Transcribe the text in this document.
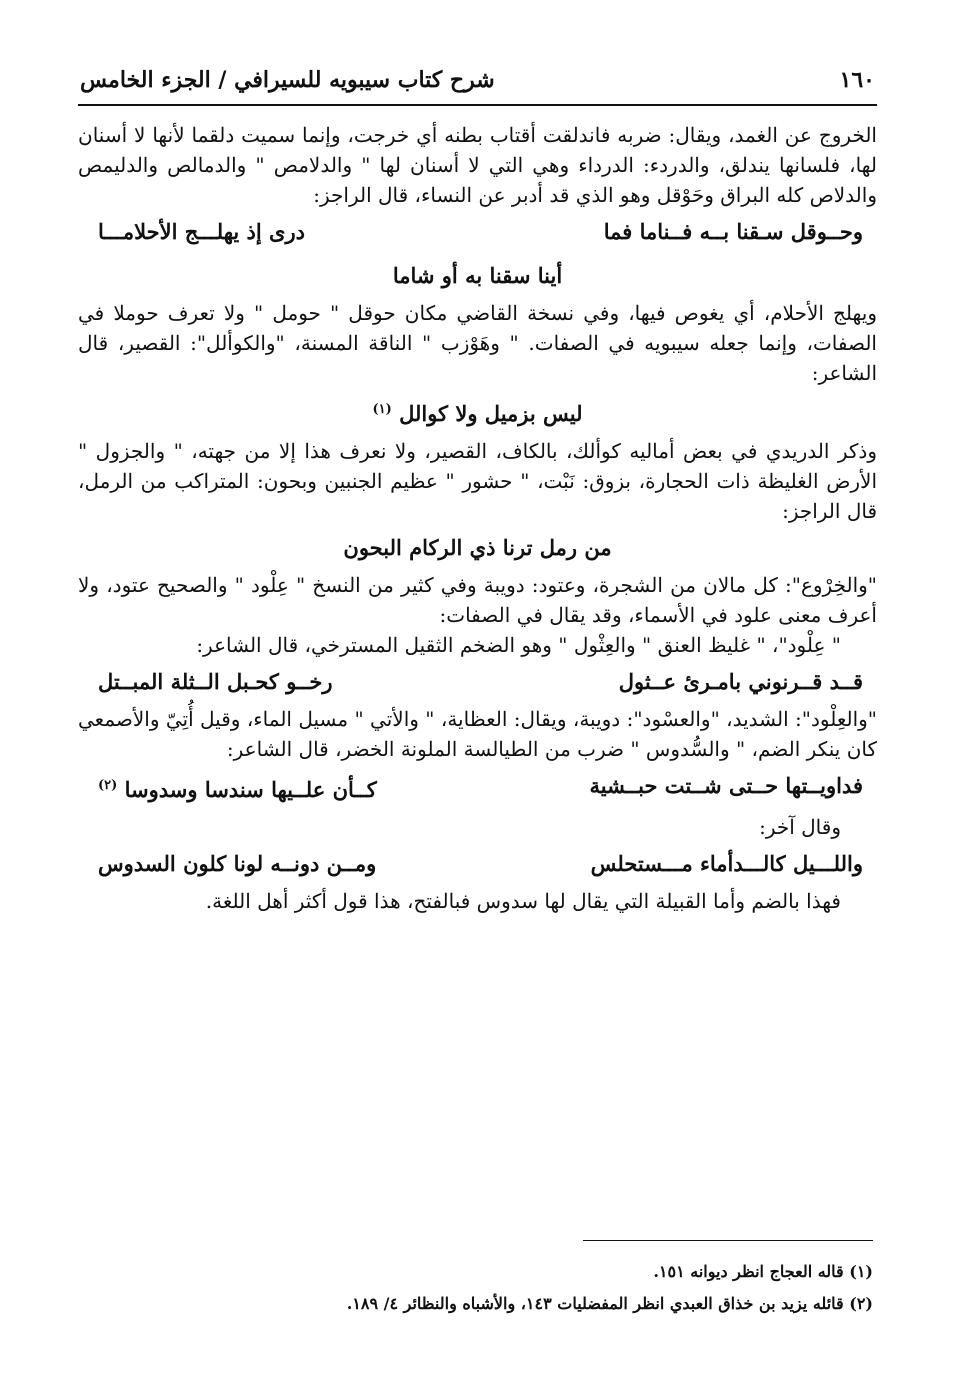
١٦٠
شرح كتاب سيبويه للسيرافي / الجزء الخامس

الخروج عن الغمد، ويقال: ضربه فاندلقت أقتاب بطنه أي خرجت، وإنما سميت دلقما لأنها لا أسنان لها، فلسانها يندلق، والدردء: الدرداء وهي التي لا أسنان لها " والدلامص " والدمالص والدليمص والدلاص كله البراق وحَوْقل وهو الذي قد أدبر عن النساء، قال الراجز:

وحــوقل سـقنا بــه فــناما فما
درى إذ يهلـــج الأحلامـــا
أينا سقنا به أو شاما

ويهلج الأحلام، أي يغوص فيها، وفي نسخة القاضي مكان حوقل " حومل " ولا تعرف حوملا في الصفات، وإنما جعله سيبويه في الصفات. " وهَوْزب " الناقة المسنة، "والكوألل": القصير، قال الشاعر:

ليس بزميل ولا كوالل $^{(١)}$

وذكر الدريدي في بعض أماليه كوألك، بالكاف، القصير، ولا نعرف هذا إلا من جهته، " والجزول " الأرض الغليظة ذات الحجارة، بزوق: نَبْت، " حشور " عظيم الجنبين وبحون: المتراكب من الرمل، قال الراجز:

من رمل ترنا ذي الركام البحون

"والخِرْوع": كل مالان من الشجرة، وعتود: دويبة وفي كثير من النسخ " عِلْود " والصحيح عتود، ولا أعرف معنى علود في الأسماء، وقد يقال في الصفات:

" عِلْود"، " غليظ العنق " والعِثْول " وهو الضخم الثقيل المسترخي، قال الشاعر:

قــد قــرنوني بامـرئ عــثول
رخــو كحـبل الــثلة المبــتل

"والعِلْود": الشديد، "والعسْود": دويبة، ويقال: العظاية، " والأتي " مسيل الماء، وقيل أُتِيّ والأصمعي كان ينكر الضم، " والسُّدوس " ضرب من الطيالسة الملونة الخضر، قال الشاعر:

فداويــتها حــتى شــتت حبــشية
كــأن علــيها سندسا وسدوسا $^{(٢)}$

وقال آخر:

واللـــيل كالـــدأماء مـــستحلس
ومــن دونــه لونا كلون السدوس

فهذا بالضم وأما القبيلة التي يقال لها سدوس فبالفتح، هذا قول أكثر أهل اللغة.

(١) قاله العجاج انظر ديوانه ١٥١.
(٢) قائله يزيد بن خذاق العبدي انظر المفضليات ١٤٣، والأشباه والنظائر ٤/ ١٨٩.
